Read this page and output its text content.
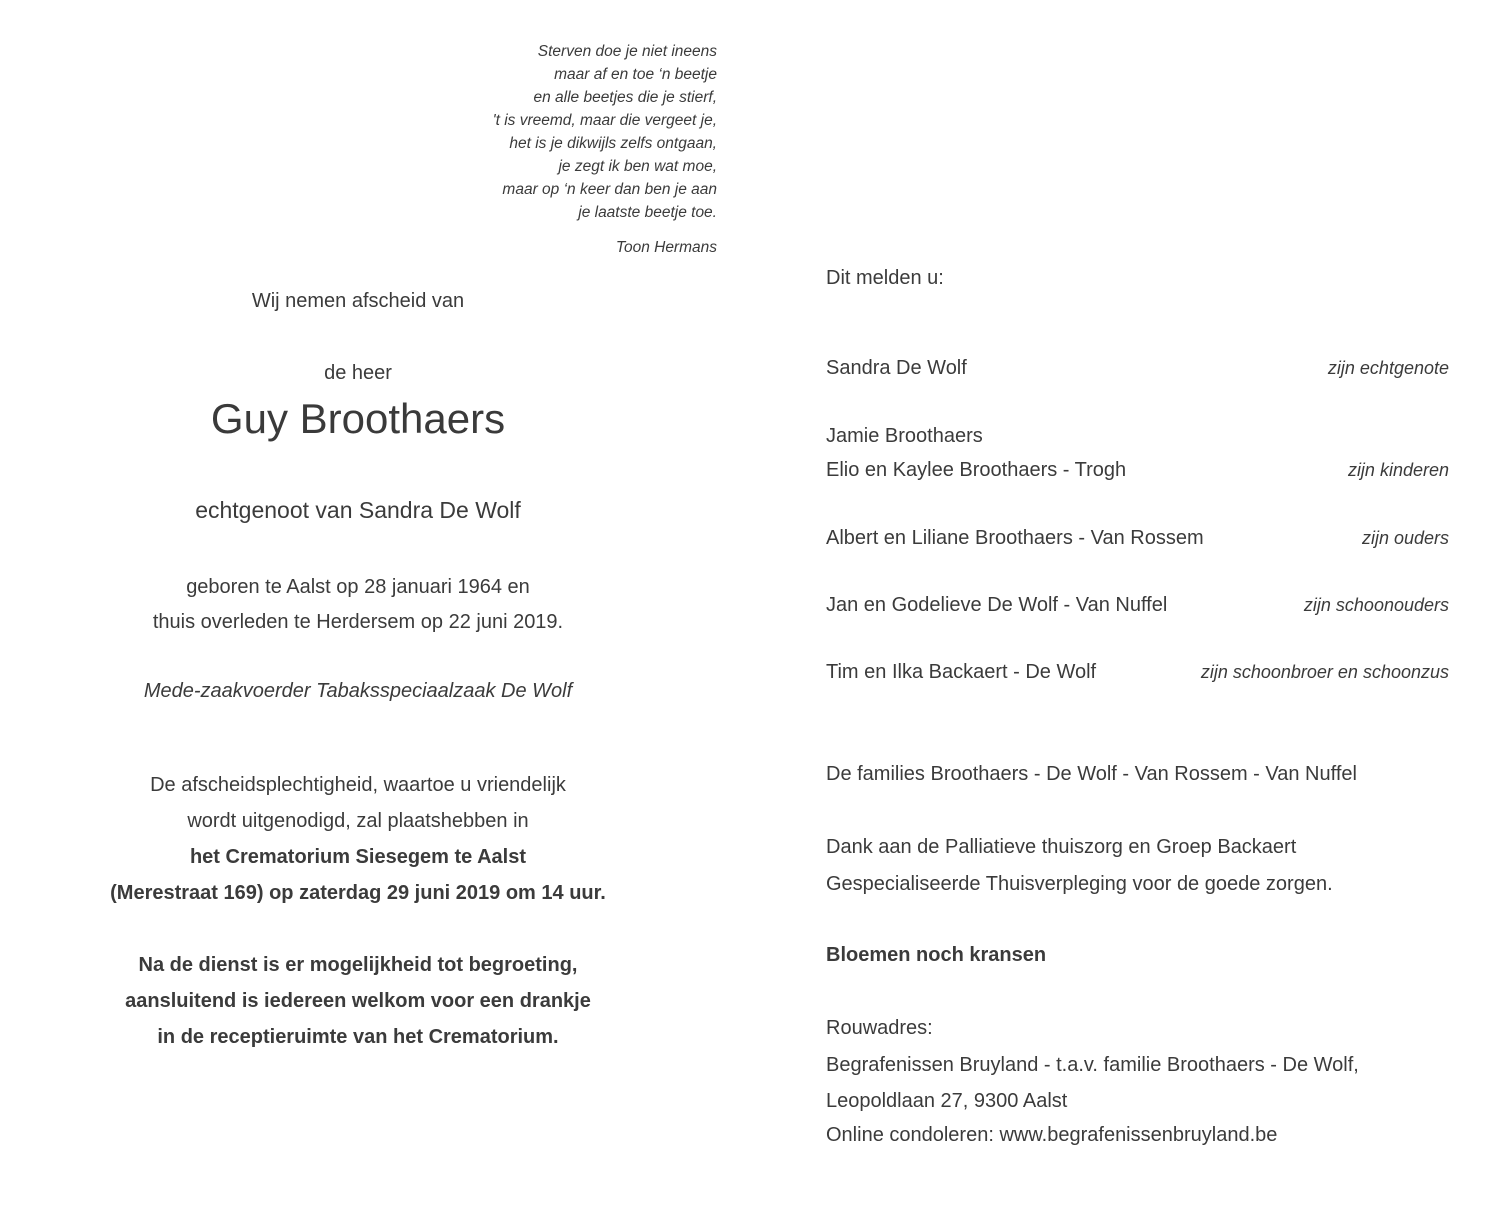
Sterven doe je niet ineens
maar af en toe ‘n beetje
en alle beetjes die je stierf,
't is vreemd, maar die vergeet je,
het is je dikwijls zelfs ontgaan,
je zegt ik ben wat moe,
maar op ‘n keer dan ben je aan
je laatste beetje toe.
Toon Hermans
Wij nemen afscheid van
de heer
Guy Broothaers
echtgenoot van Sandra De Wolf
geboren te Aalst op 28 januari 1964 en
thuis overleden te Herdersem op 22 juni 2019.
Mede-zaakvoerder Tabaksspeciaalzaak De Wolf
De afscheidsplechtigheid, waartoe u vriendelijk
wordt uitgenodigd, zal plaatshebben in
het Crematorium Siesegem te Aalst
(Merestraat 169) op zaterdag 29 juni 2019 om 14 uur.
Na de dienst is er mogelijkheid tot begroeting,
aansluitend is iedereen welkom voor een drankje
in de receptieruimte van het Crematorium.
Dit melden u:
Sandra De Wolf	zijn echtgenote
Jamie Broothaers
Elio en Kaylee Broothaers - Trogh	zijn kinderen
Albert en Liliane Broothaers - Van Rossem	zijn ouders
Jan en Godelieve De Wolf - Van Nuffel	zijn schoonouders
Tim en Ilka Backaert - De Wolf	zijn schoonbroer en schoonzus
De families Broothaers - De Wolf - Van Rossem - Van Nuffel
Dank aan de Palliatieve thuiszorg en Groep Backaert
Gespecialiseerde Thuisverpleging voor de goede zorgen.
Bloemen noch kransen
Rouwadres:
Begrafenissen Bruyland - t.a.v. familie Broothaers - De Wolf,
Leopoldlaan 27, 9300 Aalst
Online condoleren: www.begrafenissenbruyland.be
